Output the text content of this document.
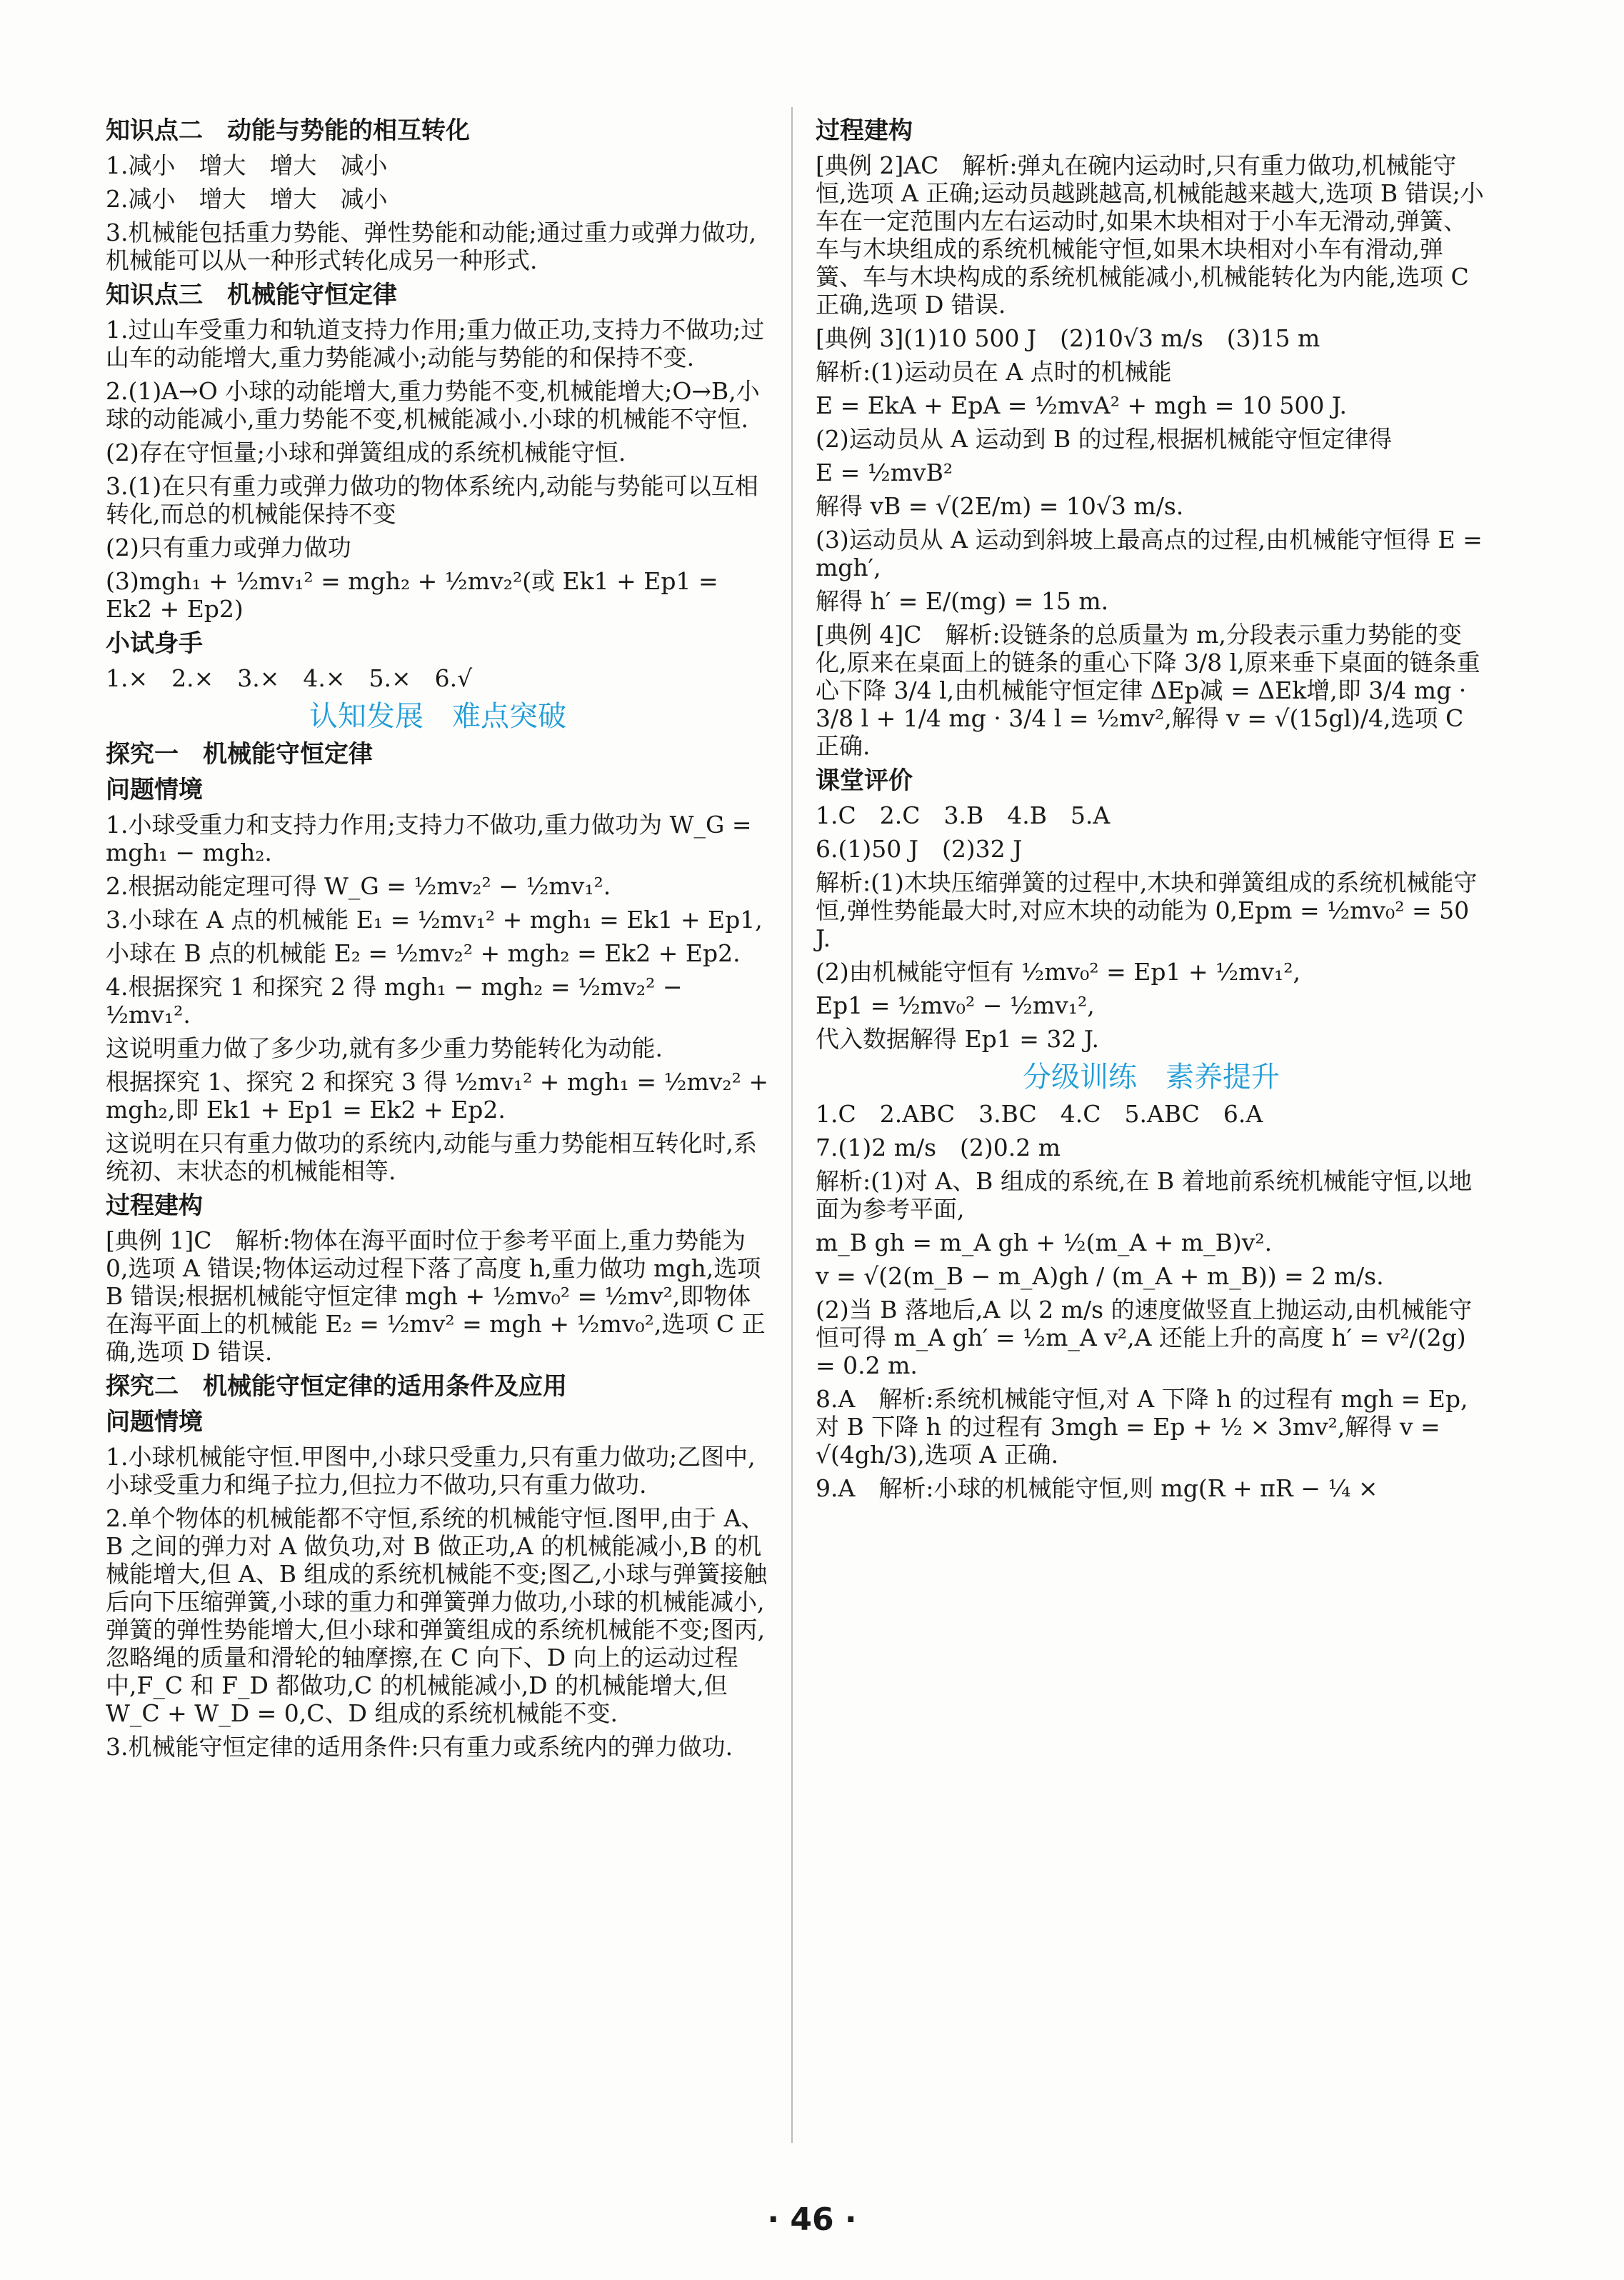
知识点二　动能与势能的相互转化
1.减小　增大　增大　减小
2.减小　增大　增大　减小
3.机械能包括重力势能、弹性势能和动能;通过重力或弹力做功,机械能可以从一种形式转化成另一种形式.
知识点三　机械能守恒定律
1.过山车受重力和轨道支持力作用;重力做正功,支持力不做功;过山车的动能增大,重力势能减小;动能与势能的和保持不变.
2.(1)A→O 小球的动能增大,重力势能不变,机械能增大;O→B,小球的动能减小,重力势能不变,机械能减小.小球的机械能不守恒.
(2)存在守恒量;小球和弹簧组成的系统机械能守恒.
3.(1)在只有重力或弹力做功的物体系统内,动能与势能可以互相转化,而总的机械能保持不变
(2)只有重力或弹力做功
(3)mgh₁ + ½mv₁² = mgh₂ + ½mv₂²(或 Ek1 + Ep1 = Ek2 + Ep2)
小试身手
1.×　2.×　3.×　4.×　5.×　6.√
认知发展　难点突破
探究一　机械能守恒定律
问题情境
1.小球受重力和支持力作用;支持力不做功,重力做功为 W_G = mgh₁ − mgh₂.
2.根据动能定理可得 W_G = ½mv₂² − ½mv₁².
3.小球在 A 点的机械能 E₁ = ½mv₁² + mgh₁ = Ek1 + Ep1,
小球在 B 点的机械能 E₂ = ½mv₂² + mgh₂ = Ek2 + Ep2.
4.根据探究 1 和探究 2 得 mgh₁ − mgh₂ = ½mv₂² − ½mv₁².
这说明重力做了多少功,就有多少重力势能转化为动能.
根据探究 1、探究 2 和探究 3 得 ½mv₁² + mgh₁ = ½mv₂² + mgh₂,即 Ek1 + Ep1 = Ek2 + Ep2.
这说明在只有重力做功的系统内,动能与重力势能相互转化时,系统初、末状态的机械能相等.
过程建构
[典例 1]C　解析:物体在海平面时位于参考平面上,重力势能为 0,选项 A 错误;物体运动过程下落了高度 h,重力做功 mgh,选项 B 错误;根据机械能守恒定律 mgh + ½mv₀² = ½mv²,即物体在海平面上的机械能 E₂ = ½mv² = mgh + ½mv₀²,选项 C 正确,选项 D 错误.
探究二　机械能守恒定律的适用条件及应用
问题情境
1.小球机械能守恒.甲图中,小球只受重力,只有重力做功;乙图中,小球受重力和绳子拉力,但拉力不做功,只有重力做功.
2.单个物体的机械能都不守恒,系统的机械能守恒.图甲,由于 A、B 之间的弹力对 A 做负功,对 B 做正功,A 的机械能减小,B 的机械能增大,但 A、B 组成的系统机械能不变;图乙,小球与弹簧接触后向下压缩弹簧,小球的重力和弹簧弹力做功,小球的机械能减小,弹簧的弹性势能增大,但小球和弹簧组成的系统机械能不变;图丙,忽略绳的质量和滑轮的轴摩擦,在 C 向下、D 向上的运动过程中,F_C 和 F_D 都做功,C 的机械能减小,D 的机械能增大,但 W_C + W_D = 0,C、D 组成的系统机械能不变.
3.机械能守恒定律的适用条件:只有重力或系统内的弹力做功.
过程建构
[典例 2]AC　解析:弹丸在碗内运动时,只有重力做功,机械能守恒,选项 A 正确;运动员越跳越高,机械能越来越大,选项 B 错误;小车在一定范围内左右运动时,如果木块相对于小车无滑动,弹簧、车与木块组成的系统机械能守恒,如果木块相对小车有滑动,弹簧、车与木块构成的系统机械能减小,机械能转化为内能,选项 C 正确,选项 D 错误.
[典例 3](1)10 500 J　(2)10√3 m/s　(3)15 m
解析:(1)运动员在 A 点时的机械能
E = EkA + EpA = ½mvA² + mgh = 10 500 J.
(2)运动员从 A 运动到 B 的过程,根据机械能守恒定律得
E = ½mvB²
解得 vB = √(2E/m) = 10√3 m/s.
(3)运动员从 A 运动到斜坡上最高点的过程,由机械能守恒得 E = mgh′,
解得 h′ = E/(mg) = 15 m.
[典例 4]C　解析:设链条的总质量为 m,分段表示重力势能的变化,原来在桌面上的链条的重心下降 3/8 l,原来垂下桌面的链条重心下降 3/4 l,由机械能守恒定律 ΔEp减 = ΔEk增,即 3/4 mg · 3/8 l + 1/4 mg · 3/4 l = ½mv²,解得 v = √(15gl)/4,选项 C 正确.
课堂评价
1.C　2.C　3.B　4.B　5.A
6.(1)50 J　(2)32 J
解析:(1)木块压缩弹簧的过程中,木块和弹簧组成的系统机械能守恒,弹性势能最大时,对应木块的动能为 0,Epm = ½mv₀² = 50 J.
(2)由机械能守恒有 ½mv₀² = Ep1 + ½mv₁²,
Ep1 = ½mv₀² − ½mv₁²,
代入数据解得 Ep1 = 32 J.
分级训练　素养提升
1.C　2.ABC　3.BC　4.C　5.ABC　6.A
7.(1)2 m/s　(2)0.2 m
解析:(1)对 A、B 组成的系统,在 B 着地前系统机械能守恒,以地面为参考平面,
m_B gh = m_A gh + ½(m_A + m_B)v².
v = √(2(m_B − m_A)gh / (m_A + m_B)) = 2 m/s.
(2)当 B 落地后,A 以 2 m/s 的速度做竖直上抛运动,由机械能守恒可得 m_A gh′ = ½m_A v²,A 还能上升的高度 h′ = v²/(2g) = 0.2 m.
8.A　解析:系统机械能守恒,对 A 下降 h 的过程有 mgh = Ep,对 B 下降 h 的过程有 3mgh = Ep + ½ × 3mv²,解得 v = √(4gh/3),选项 A 正确.
9.A　解析:小球的机械能守恒,则 mg(R + πR − ¼ ×
· 46 ·
